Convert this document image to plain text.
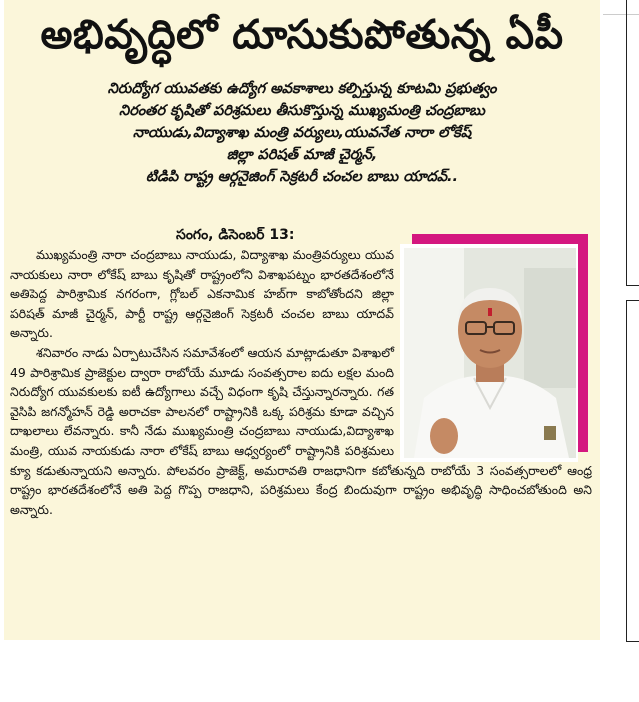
అభివృద్ధిలో దూసుకుపోతున్న ఏపీ
నిరుద్యోగ యువతకు ఉద్యోగ అవకాశాలు కల్పిస్తున్న కూటమి ప్రభుత్వం
నిరంతర కృషితో పరిశ్రమలు తీసుకొస్తున్న ముఖ్యమంత్రి చంద్రబాబు
నాయుడు,విద్యాశాఖ మంత్రి వర్యులు,యువనేత నారా లోకేష్
జిల్లా పరిషత్ మాజీ చైర్మన్,
టిడిపి రాష్ట్ర ఆర్గనైజింగ్ సెక్రటరీ చంచల బాబు యాదవ్..
సంగం, డిసెంబర్ 13:

ముఖ్యమంత్రి నారా చంద్రబాబు నాయుడు, విద్యాశాఖ మంత్రివర్యులు యువ నాయకులు నారా లోకేష్ బాబు కృషితో రాష్ట్రంలోని విశాఖపట్నం భారతదేశంలోనే అతిపెద్ద పారిశ్రామిక నగరంగా, గ్లోబల్ ఎకనామిక హబ్‌గా కాబోతోందని జిల్లా పరిషత్ మాజీ చైర్మన్, పార్టీ రాష్ట్ర ఆర్గనైజింగ్ సెక్రటరీ చంచల బాబు యాదవ్ అన్నారు.

శనివారం నాడు ఏర్పాటుచేసిన సమావేశంలో ఆయన మాట్లాడుతూ విశాఖలో 49 పారిశ్రామిక ప్రాజెక్టుల ద్వారా రాబోయే మూడు సంవత్సరాల ఐదు లక్షల మంది నిరుద్యోగ యువకులకు ఐటీ ఉద్యోగాలు వచ్చే విధంగా కృషి చేస్తున్నారన్నారు. గత వైసిపి జగన్మోహన్ రెడ్డి అరాచకా పాలనలో రాష్ట్రానికి ఒక్క పరిశ్రమ కూడా వచ్చిన దాఖలాలు లేవన్నారు. కానీ నేడు ముఖ్యమంత్రి చంద్రబాబు నాయుడు,విద్యాశాఖ మంత్రి, యువ నాయకుడు నారా లోకేష్ బాబు ఆధ్వర్యంలో రాష్ట్రానికి పరిశ్రమలు క్యూ కడుతున్నాయని అన్నారు. పోలవరం ప్రాజెక్ట్, అమరావతి రాజధానిగా కబోతున్నది రాబోయే 3 సంవత్సరాలలో ఆంధ్ర రాష్ట్రం భారతదేశంలోనే అతి పెద్ద గొప్ప రాజధాని, పరిశ్రమలు కేంద్ర బిందువుగా రాష్ట్రం అభివృద్ధి సాధించబోతుంది అని అన్నారు.
